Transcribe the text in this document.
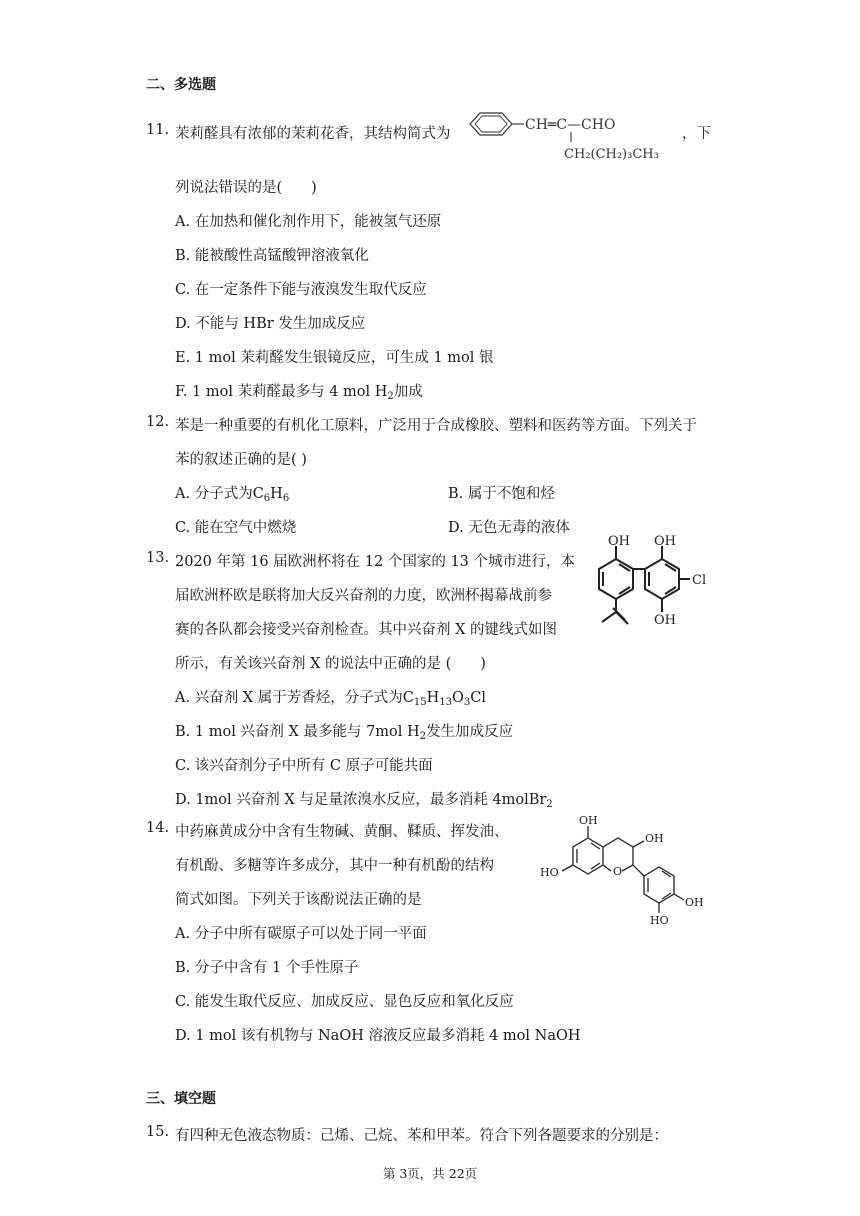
二、多选题
11. 茉莉醛具有浓郁的茉莉花香，其结构简式为
CH═C—CHO
CH₂(CH₂)₃CH₃
，下
列说法错误的是(　　)
A. 在加热和催化剂作用下，能被氢气还原
B. 能被酸性高锰酸钾溶液氧化
C. 在一定条件下能与液溴发生取代反应
D. 不能与 HBr 发生加成反应
E. 1 mol 茉莉醛发生银镜反应，可生成 1 mol 银
F. 1 mol 茉莉醛最多与 4 mol $H_2$加成
12. 苯是一种重要的有机化工原料，广泛用于合成橡胶、塑料和医药等方面。下列关于
苯的叙述正确的是( )
A. 分子式为$C_6H_6$	B. 属于不饱和烃
C. 能在空气中燃烧	D. 无色无毒的液体
13. 2020 年第 16 届欧洲杯将在 12 个国家的 13 个城市进行，本
届欧洲杯欧是联将加大反兴奋剂的力度，欧洲杯揭幕战前参
赛的各队都会接受兴奋剂检查。其中兴奋剂 X 的键线式如图
所示，有关该兴奋剂 X 的说法中正确的是 (　　)
OH OH
Cl
OH
A. 兴奋剂 X 属于芳香烃，分子式为$C_{15}H_{13}O_3Cl$
B. 1 mol 兴奋剂 X 最多能与 7mol $H_2$发生加成反应
C. 该兴奋剂分子中所有 C 原子可能共面
D. 1mol 兴奋剂 X 与足量浓溴水反应，最多消耗 4molBr$_2$
14. 中药麻黄成分中含有生物碱、黄酮、鞣质、挥发油、
有机酚、多糖等许多成分，其中一种有机酚的结构
简式如图。下列关于该酚说法正确的是
OH
OH
HO	O
OH
HO
A. 分子中所有碳原子可以处于同一平面
B. 分子中含有 1 个手性原子
C. 能发生取代反应、加成反应、显色反应和氧化反应
D. 1 mol 该有机物与 NaOH 溶液反应最多消耗 4 mol NaOH
三、填空题
15. 有四种无色液态物质：己烯、己烷、苯和甲苯。符合下列各题要求的分别是：
第 3页，共 22页
